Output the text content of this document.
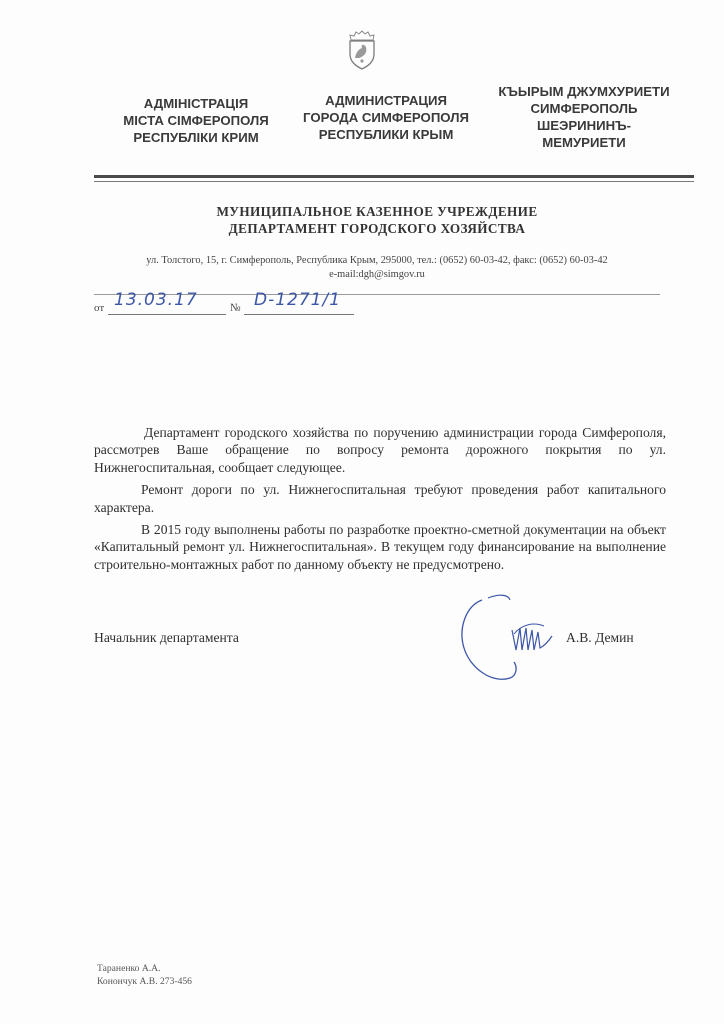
АДМІНІСТРАЦІЯ
МІСТА СІМФЕРОПОЛЯ
РЕСПУБЛІКИ КРИМ
АДМИНИСТРАЦИЯ
ГОРОДА СИМФЕРОПОЛЯ
РЕСПУБЛИКИ КРЫМ
КЪЫРЫМ ДЖУМХУРИЕТИ
СИМФЕРОПОЛЬ
ШЕЭРИНИНЪ-
МЕМУРИЕТИ
МУНИЦИПАЛЬНОЕ КАЗЕННОЕ УЧРЕЖДЕНИЕ
ДЕПАРТАМЕНТ ГОРОДСКОГО ХОЗЯЙСТВА
ул. Толстого, 15, г. Симферополь, Республика Крым, 295000, тел.: (0652) 60-03-42, факс: (0652) 60-03-42
e-mail:dgh@simgov.ru
от 13.03.17	№ D-1271/1

Департамент городского хозяйства по поручению администрации города Симферополя, рассмотрев Ваше обращение по вопросу ремонта дорожного покрытия по ул. Нижнегоспитальная, сообщает следующее.

Ремонт дороги по ул. Нижнегоспитальная требуют проведения работ капитального характера.

В 2015 году выполнены работы по разработке проектно-сметной документации на объект «Капитальный ремонт ул. Нижнегоспитальная». В текущем году финансирование на выполнение строительно-монтажных работ по данному объекту не предусмотрено.

Начальник департамента	А.В. Демин
Тараненко А.А.
Конончук А.В. 273-456
